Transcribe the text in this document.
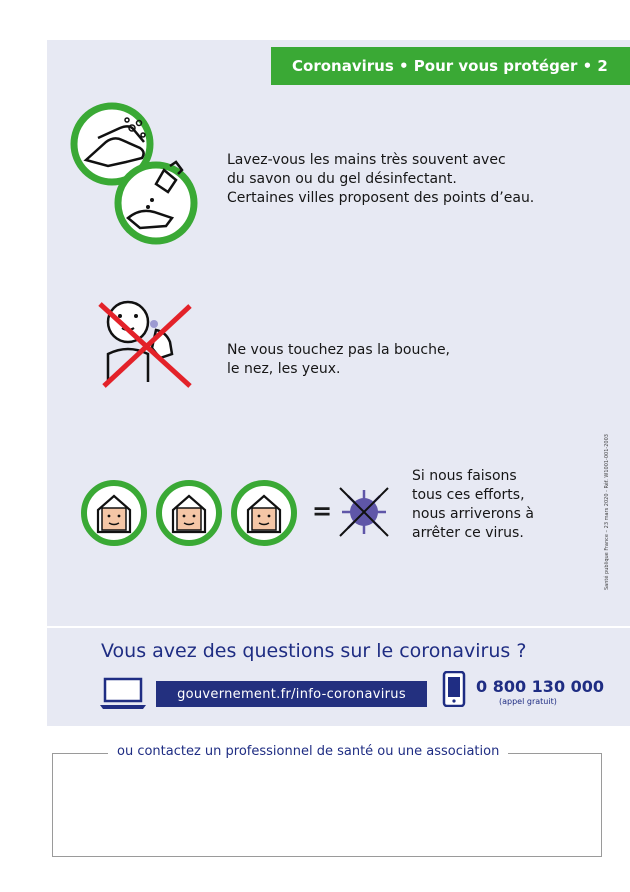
Coronavirus • Pour vous protéger • 2
=
Lavez-vous les mains très souvent avec
du savon ou du gel désinfectant.
Certaines villes proposent des points d’eau.
Ne vous touchez pas la bouche,
le nez, les yeux.
Si nous faisons
tous ces efforts,
nous arriverons à
arrêter ce virus.	Santé publique France – 23 mars 2020 - Réf. W1001-001-2003
Vous avez des questions sur le coronavirus ?
gouvernement.fr/info-coronavirus	0 800 130 000
(appel gratuit)
ou contactez un professionnel de santé ou une association
